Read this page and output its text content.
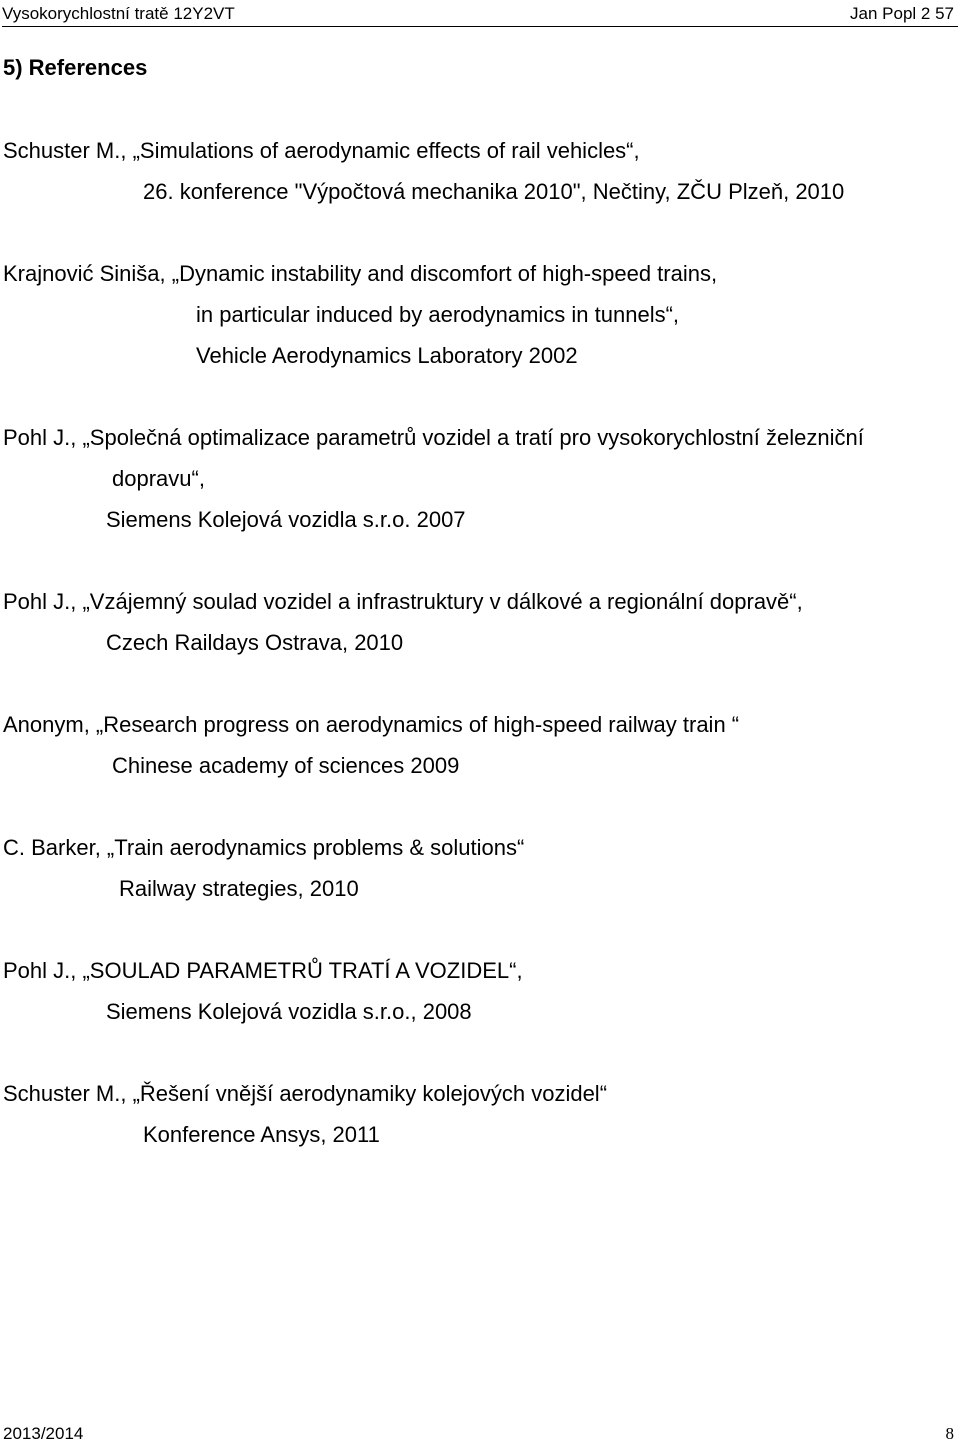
Vysokorychlostní tratě 12Y2VT	Jan Popl 2 57
5) References

Schuster M., „Simulations of aerodynamic effects of rail vehicles“,

26. konference "Výpočtová mechanika 2010", Nečtiny, ZČU Plzeň, 2010

Krajnović Siniša, „Dynamic instability and discomfort of high-speed trains,

in particular induced by aerodynamics in tunnels“,

Vehicle Aerodynamics Laboratory 2002

Pohl J., „Společná optimalizace parametrů vozidel a tratí pro vysokorychlostní železniční

dopravu“,

Siemens Kolejová vozidla s.r.o. 2007

Pohl J., „Vzájemný soulad vozidel a infrastruktury v dálkové a regionální dopravě“,

Czech Raildays Ostrava, 2010

Anonym, „Research progress on aerodynamics of high-speed railway train “

Chinese academy of sciences 2009

C. Barker, „Train aerodynamics problems & solutions“

Railway strategies, 2010

Pohl J., „SOULAD PARAMETRŮ TRATÍ A VOZIDEL“,

Siemens Kolejová vozidla s.r.o., 2008

Schuster M., „Řešení vnější aerodynamiky kolejových vozidel“

Konference Ansys, 2011

2013/2014	8
